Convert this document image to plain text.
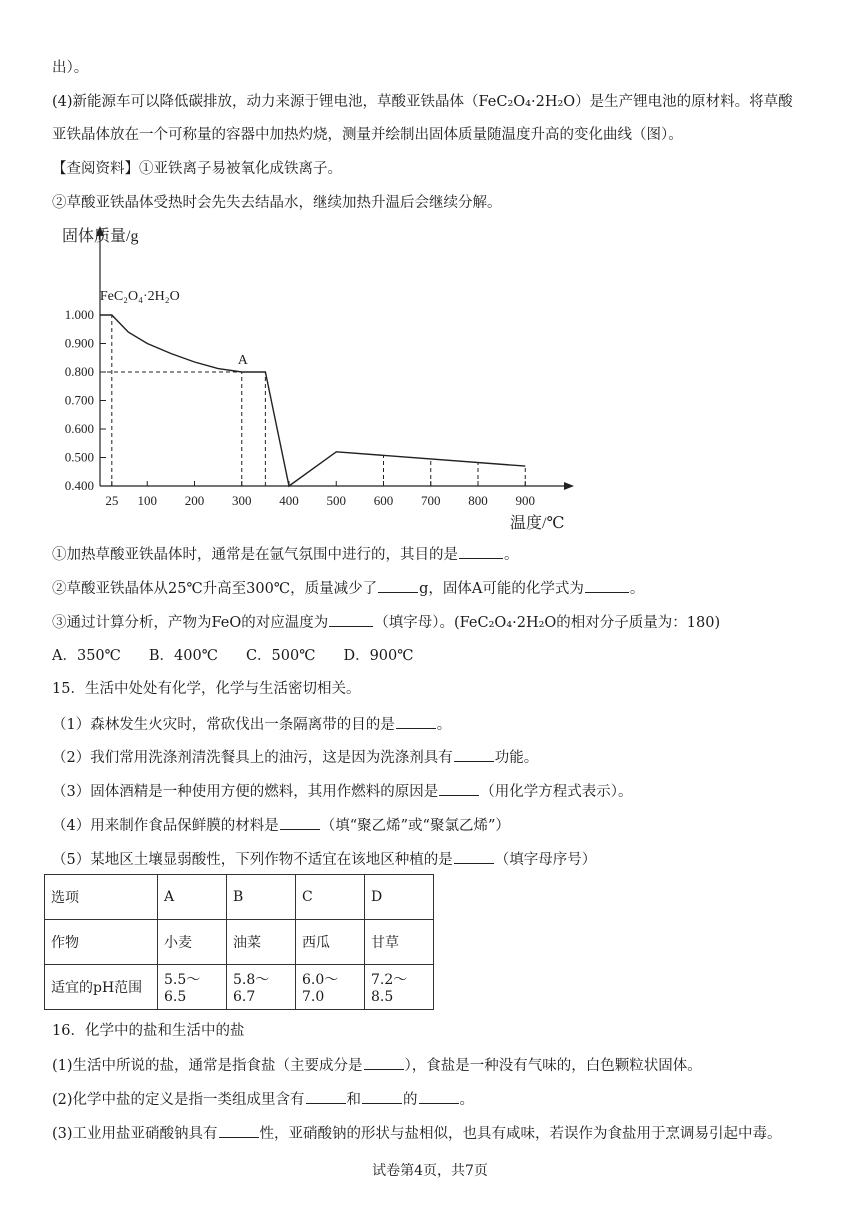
出）。
(4)新能源车可以降低碳排放，动力来源于锂电池，草酸亚铁晶体（FeC₂O₄·2H₂O）是生产锂电池的原材料。将草酸
亚铁晶体放在一个可称量的容器中加热灼烧，测量并绘制出固体质量随温度升高的变化曲线（图）。
【查阅资料】①亚铁离子易被氧化成铁离子。
②草酸亚铁晶体受热时会先失去结晶水，继续加热升温后会继续分解。
0.400
0.500
0.600
0.700
0.800
0.900
1.000
25 100 200 300 400 500 600 700 800 900
固体质量/g
温度/℃
FeC₂O₄·2H₂O
A
①加热草酸亚铁晶体时，通常是在氩气氛围中进行的，其目的是	。
②草酸亚铁晶体从25℃升高至300℃，质量减少了	g，固体A可能的化学式为	。
③通过计算分析，产物为FeO的对应温度为	（填字母）。(FeC₂O₄·2H₂O的相对分子质量为：180)
A．350℃ B．400℃ C．500℃ D．900℃
15．生活中处处有化学，化学与生活密切相关。
（1）森林发生火灾时，常砍伐出一条隔离带的目的是	。
（2）我们常用洗涤剂清洗餐具上的油污，这是因为洗涤剂具有	功能。
（3）固体酒精是一种使用方便的燃料，其用作燃料的原因是	（用化学方程式表示）。
（4）用来制作食品保鲜膜的材料是	（填“聚乙烯”或“聚氯乙烯”）
（5）某地区土壤显弱酸性，下列作物不适宜在该地区种植的是	（填字母序号）
选项	A	B	C	D
作物	小麦	油菜	西瓜	甘草
适宜的pH范围	5.5～6.5	5.8～6.7	6.0～7.0	7.2～8.5
16．化学中的盐和生活中的盐
(1)生活中所说的盐，通常是指食盐（主要成分是	），食盐是一种没有气味的，白色颗粒状固体。
(2)化学中盐的定义是指一类组成里含有	和	的	。
(3)工业用盐亚硝酸钠具有	性，亚硝酸钠的形状与盐相似，也具有咸味，若误作为食盐用于烹调易引起中毒。
试卷第4页，共7页
